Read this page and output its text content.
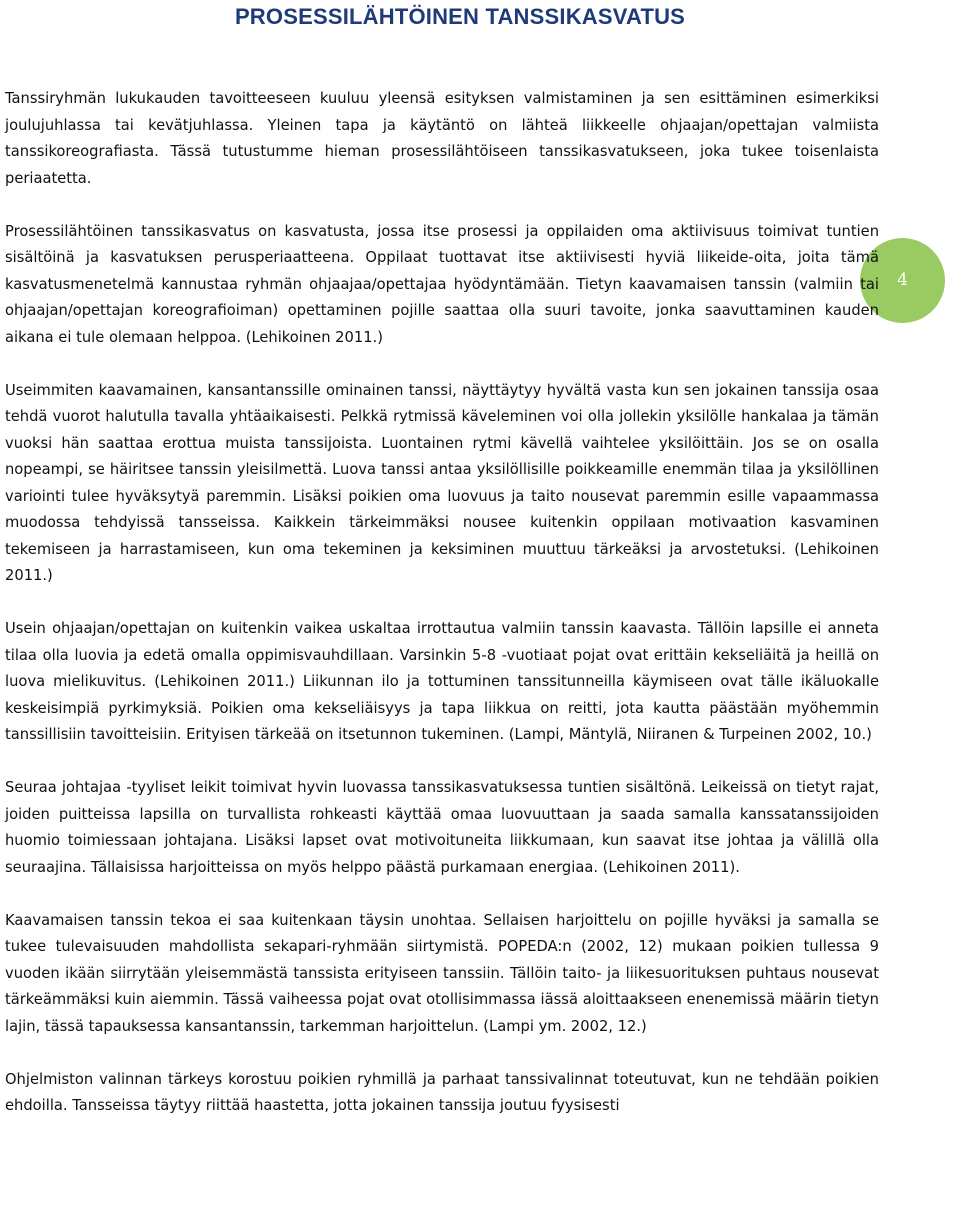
PROSESSILÄHTÖINEN TANSSIKASVATUS
4

Tanssiryhmän lukukauden tavoitteeseen kuuluu yleensä esityksen valmistaminen ja sen esittäminen esimerkiksi joulujuhlassa tai kevätjuhlassa. Yleinen tapa ja käytäntö on lähteä liikkeelle ohjaajan/opettajan valmiista tanssikoreografiasta. Tässä tutustumme hieman prosessilähtöiseen tanssikasvatukseen, joka tukee toisenlaista periaatetta.

Prosessilähtöinen tanssikasvatus on kasvatusta, jossa itse prosessi ja oppilaiden oma aktiivisuus toimivat tuntien sisältöinä ja kasvatuksen perusperiaatteena. Oppilaat tuottavat itse aktiivisesti hyviä liikeide-oita, joita tämä kasvatusmenetelmä kannustaa ryhmän ohjaajaa/opettajaa hyödyntämään. Tietyn kaavamaisen tanssin (valmiin tai ohjaajan/opettajan koreografioiman) opettaminen pojille saattaa olla suuri tavoite, jonka saavuttaminen kauden aikana ei tule olemaan helppoa. (Lehikoinen 2011.)

Useimmiten kaavamainen, kansantanssille ominainen tanssi, näyttäytyy hyvältä vasta kun sen jokainen tanssija osaa tehdä vuorot halutulla tavalla yhtäaikaisesti. Pelkkä rytmissä käveleminen voi olla jollekin yksilölle hankalaa ja tämän vuoksi hän saattaa erottua muista tanssijoista. Luontainen rytmi kävellä vaihtelee yksilöittäin. Jos se on osalla nopeampi, se häiritsee tanssin yleisilmettä. Luova tanssi antaa yksilöllisille poikkeamille enemmän tilaa ja yksilöllinen variointi tulee hyväksytyä paremmin. Lisäksi poikien oma luovuus ja taito nousevat paremmin esille vapaammassa muodossa tehdyissä tansseissa. Kaikkein tärkeimmäksi nousee kuitenkin oppilaan motivaation kasvaminen tekemiseen ja harrastamiseen, kun oma tekeminen ja keksiminen muuttuu tärkeäksi ja arvostetuksi. (Lehikoinen 2011.)

Usein ohjaajan/opettajan on kuitenkin vaikea uskaltaa irrottautua valmiin tanssin kaavasta. Tällöin lapsille ei anneta tilaa olla luovia ja edetä omalla oppimisvauhdillaan. Varsinkin 5-8 -vuotiaat pojat ovat erittäin kekseliäitä ja heillä on luova mielikuvitus. (Lehikoinen 2011.) Liikunnan ilo ja tottuminen tanssitunneilla käymiseen ovat tälle ikäluokalle keskeisimpiä pyrkimyksiä. Poikien oma kekseliäisyys ja tapa liikkua on reitti, jota kautta päästään myöhemmin tanssillisiin tavoitteisiin. Erityisen tärkeää on itsetunnon tukeminen. (Lampi, Mäntylä, Niiranen & Turpeinen 2002, 10.)

Seuraa johtajaa -tyyliset leikit toimivat hyvin luovassa tanssikasvatuksessa tuntien sisältönä. Leikeissä on tietyt rajat, joiden puitteissa lapsilla on turvallista rohkeasti käyttää omaa luovuuttaan ja saada samalla kanssatanssijoiden huomio toimiessaan johtajana. Lisäksi lapset ovat motivoituneita liikkumaan, kun saavat itse johtaa ja välillä olla seuraajina. Tällaisissa harjoitteissa on myös helppo päästä purkamaan energiaa. (Lehikoinen 2011).

Kaavamaisen tanssin tekoa ei saa kuitenkaan täysin unohtaa. Sellaisen harjoittelu on pojille hyväksi ja samalla se tukee tulevaisuuden mahdollista sekapari-ryhmään siirtymistä. POPEDA:n (2002, 12) mukaan poikien tullessa 9 vuoden ikään siirrytään yleisemmästä tanssista erityiseen tanssiin. Tällöin taito- ja liikesuorituksen puhtaus nousevat tärkeämmäksi kuin aiemmin. Tässä vaiheessa pojat ovat otollisimmassa iässä aloittaakseen enenemissä määrin tietyn lajin, tässä tapauksessa kansantanssin, tarkemman harjoittelun. (Lampi ym. 2002, 12.)

Ohjelmiston valinnan tärkeys korostuu poikien ryhmillä ja parhaat tanssivalinnat toteutuvat, kun ne tehdään poikien ehdoilla. Tansseissa täytyy riittää haastetta, jotta jokainen tanssija joutuu fyysisesti
